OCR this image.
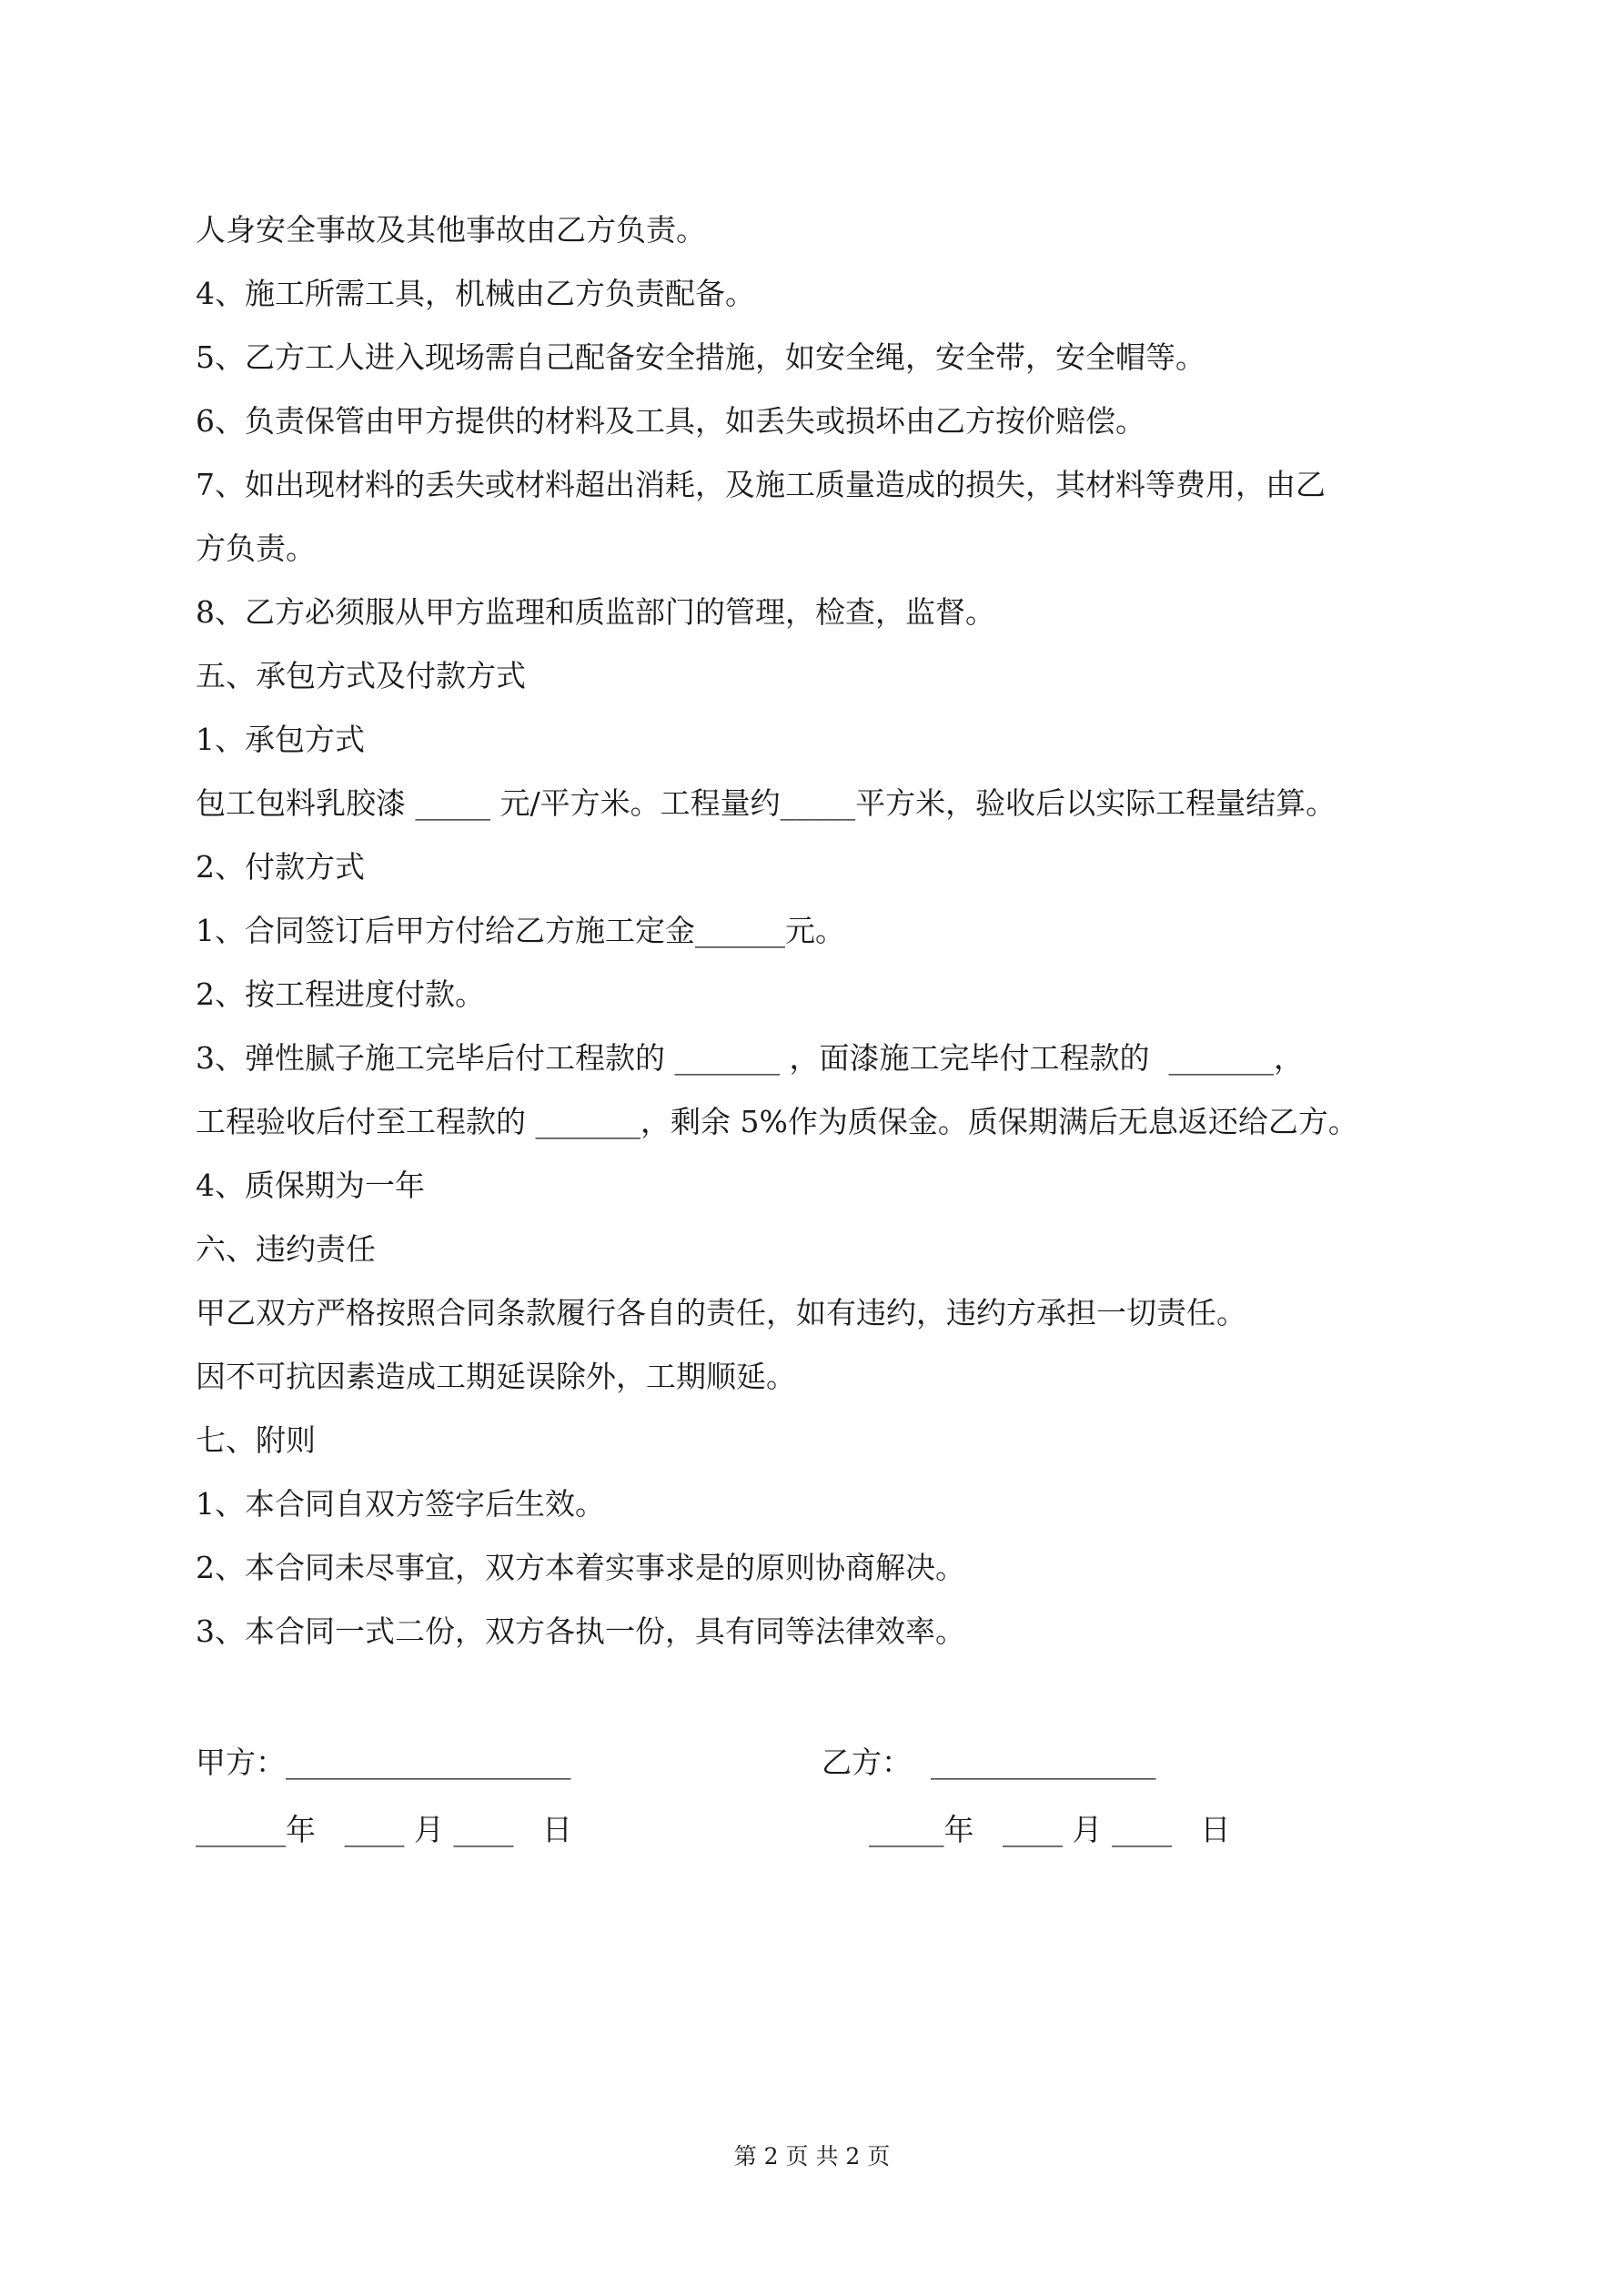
人身安全事故及其他事故由乙方负责。

4、施工所需工具，机械由乙方负责配备。

5、乙方工人进入现场需自己配备安全措施，如安全绳，安全带，安全帽等。

6、负责保管由甲方提供的材料及工具，如丢失或损坏由乙方按价赔偿。

7、如出现材料的丢失或材料超出消耗，及施工质量造成的损失，其材料等费用，由乙

方负责。

8、乙方必须服从甲方监理和质监部门的管理，检查，监督。

五、承包方式及付款方式

1、承包方式

包工包料乳胶漆 _____ 元/平方米。工程量约_____平方米，验收后以实际工程量结算。

2、付款方式

1、合同签订后甲方付给乙方施工定金______元。

2、按工程进度付款。

3、弹性腻子施工完毕后付工程款的 _______ ，面漆施工完毕付工程款的  _______，

工程验收后付至工程款的 _______，剩余 5%作为质保金。质保期满后无息返还给乙方。

4、质保期为一年

六、违约责任

甲乙双方严格按照合同条款履行各自的责任，如有违约，违约方承担一切责任。

因不可抗因素造成工期延误除外，工期顺延。

七、附则

1、本合同自双方签字后生效。

2、本合同未尽事宜，双方本着实事求是的原则协商解决。

3、本合同一式二份，双方各执一份，具有同等法律效率。

甲方：___________________	乙方：  _______________
______年   ____ 月 ____   日	_____年   ____ 月 ____   日
第 2 页 共 2 页
